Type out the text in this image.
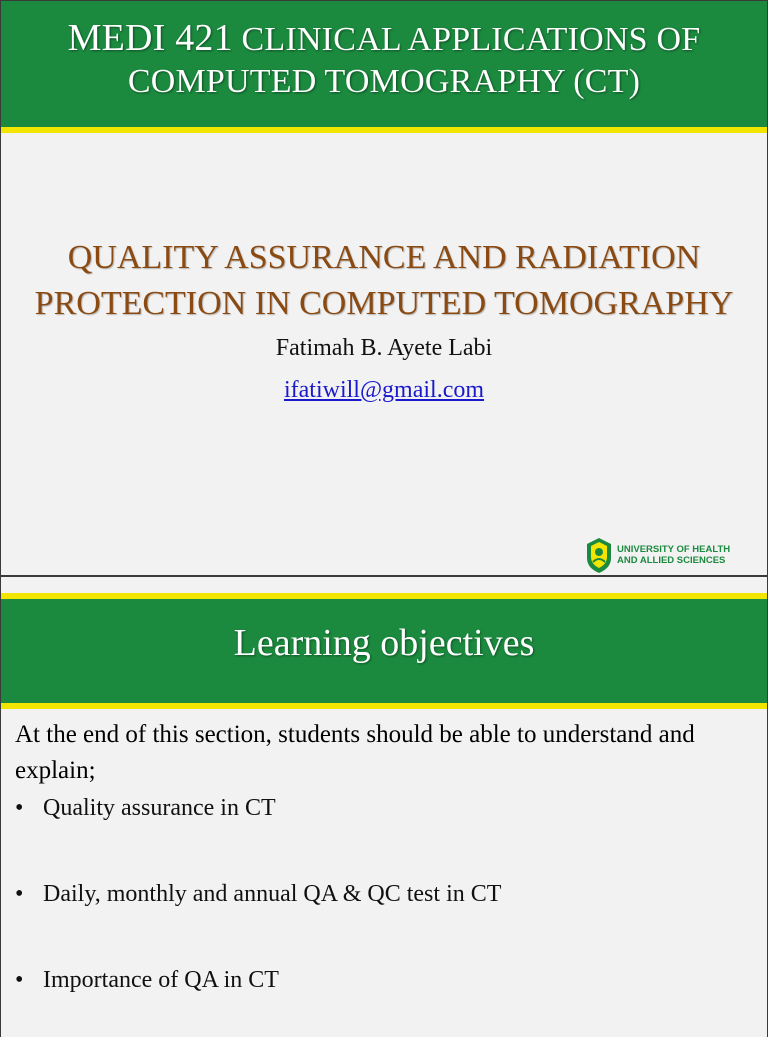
MEDI 421 CLINICAL APPLICATIONS OF
COMPUTED TOMOGRAPHY (CT)
QUALITY ASSURANCE AND RADIATION
PROTECTION IN COMPUTED TOMOGRAPHY
Fatimah B. Ayete Labi
ifatiwill@gmail.com
UNIVERSITY OF HEALTH
AND ALLIED SCIENCES
Learning objectives
At the end of this section, students should be able to understand and explain;
• Quality assurance in CT
• Daily, monthly and annual QA & QC test in CT
• Importance of QA in CT
